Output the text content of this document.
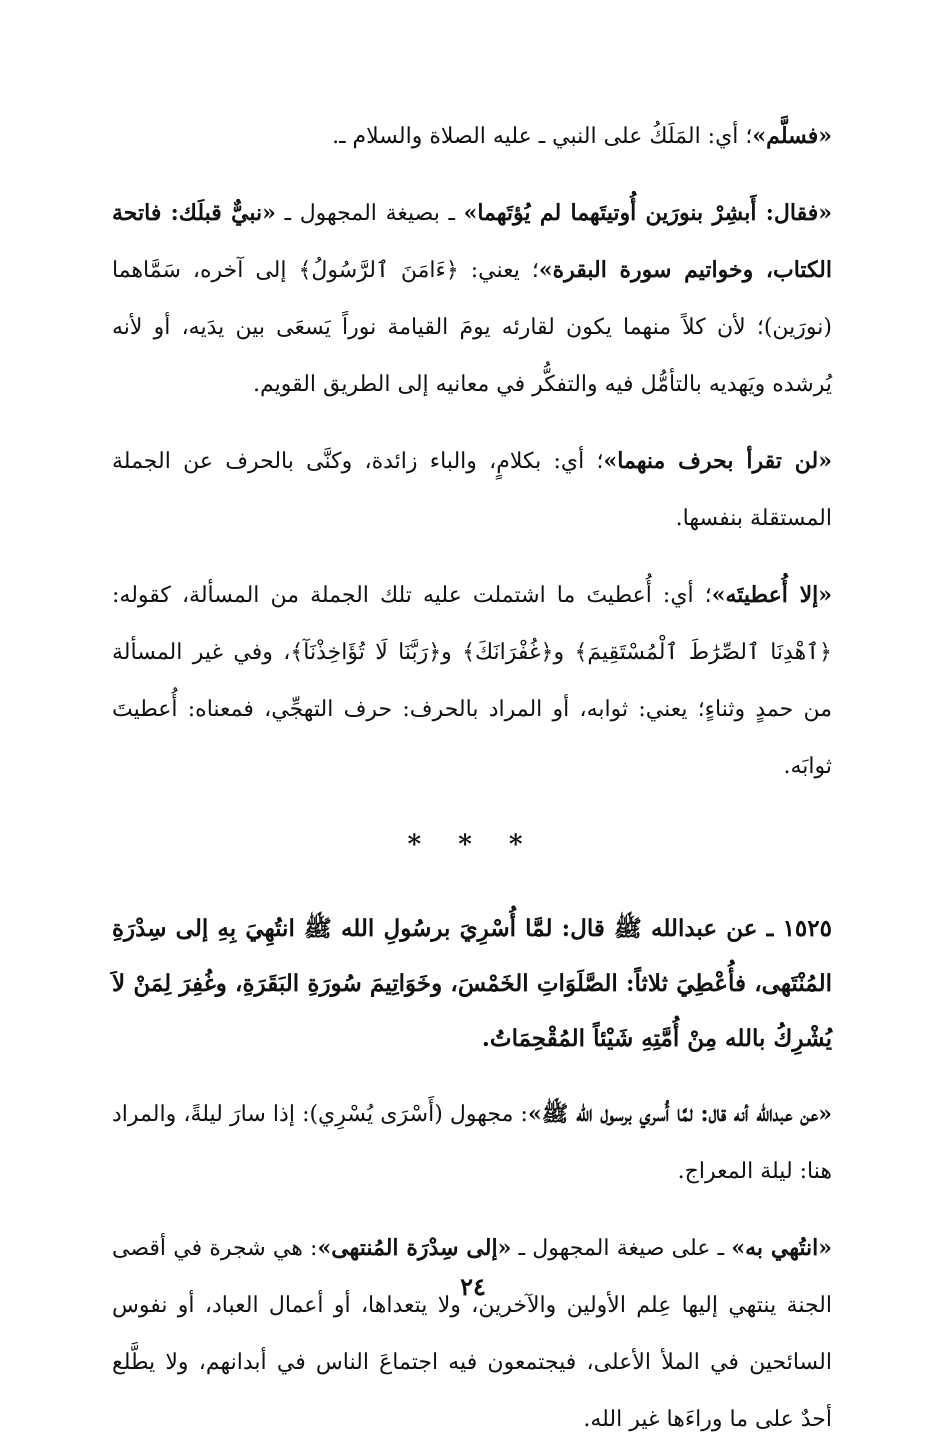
«فسلَّم»؛ أي: المَلَكُ على النبي ـ عليه الصلاة والسلام ـ.

«فقال: أَبشِرْ بنورَين أُوتيتَهما لم يُؤتَهما» ـ بصيغة المجهول ـ «نبيٌّ قبلَك: فاتحة الكتاب، وخواتيم سورة البقرة»؛ يعني: ﴿ءَامَنَ ٱلرَّسُولُ﴾ إلى آخره، سَمَّاهما (نورَين)؛ لأن كلاً منهما يكون لقارئه يومَ القيامة نوراً يَسعَى بين يدَيه، أو لأنه يُرشده ويَهديه بالتأمُّل فيه والتفكُّر في معانيه إلى الطريق القويم.

«لن تقرأ بحرف منهما»؛ أي: بكلامٍ، والباء زائدة، وكنَّى بالحرف عن الجملة المستقلة بنفسها.

«إلا أُعطيتَه»؛ أي: أُعطيتَ ما اشتملت عليه تلك الجملة من المسألة، كقوله: ﴿ٱهْدِنَا ٱلصِّرَٰطَ ٱلْمُسْتَقِيمَ﴾ و﴿غُفْرَانَكَ﴾ و﴿رَبَّنَا لَا تُؤَاخِذْنَآ﴾، وفي غير المسألة من حمدٍ وثناءٍ؛ يعني: ثوابه، أو المراد بالحرف: حرف التهجِّي، فمعناه: أُعطيتَ ثوابَه.

* * *

١٥٢٥ ـ عن عبدالله ﷺ قال: لمَّا أُسْرِيَ برسُولِ الله ﷺ انتُهِيَ بِهِ إلى سِدْرَةِ المُنْتَهى، فأُعْطِيَ ثلاثاً: الصَّلَوَاتِ الخَمْسَ، وخَوَاتِيمَ سُورَةِ البَقَرَةِ، وغُفِرَ لِمَنْ لاَ يُشْرِكُ بالله مِنْ أُمَّتِهِ شَيْئاً المُقْحِمَاتُ.

«عن عبدالله أنه قال: لمَّا أُسري برسول الله ﷺ»: مجهول (أَسْرَى يُسْرِي): إذا سارَ ليلةً، والمراد هنا: ليلة المعراج.

«انتُهي به» ـ على صيغة المجهول ـ «إلى سِدْرَة المُنتهى»: هي شجرة في أقصى الجنة ينتهي إليها عِلم الأولين والآخرين، ولا يتعداها، أو أعمال العباد، أو نفوس السائحين في الملأ الأعلى، فيجتمعون فيه اجتماعَ الناس في أبدانهم، ولا يطَّلع أحدٌ على ما وراءَها غير الله.

٢٤
